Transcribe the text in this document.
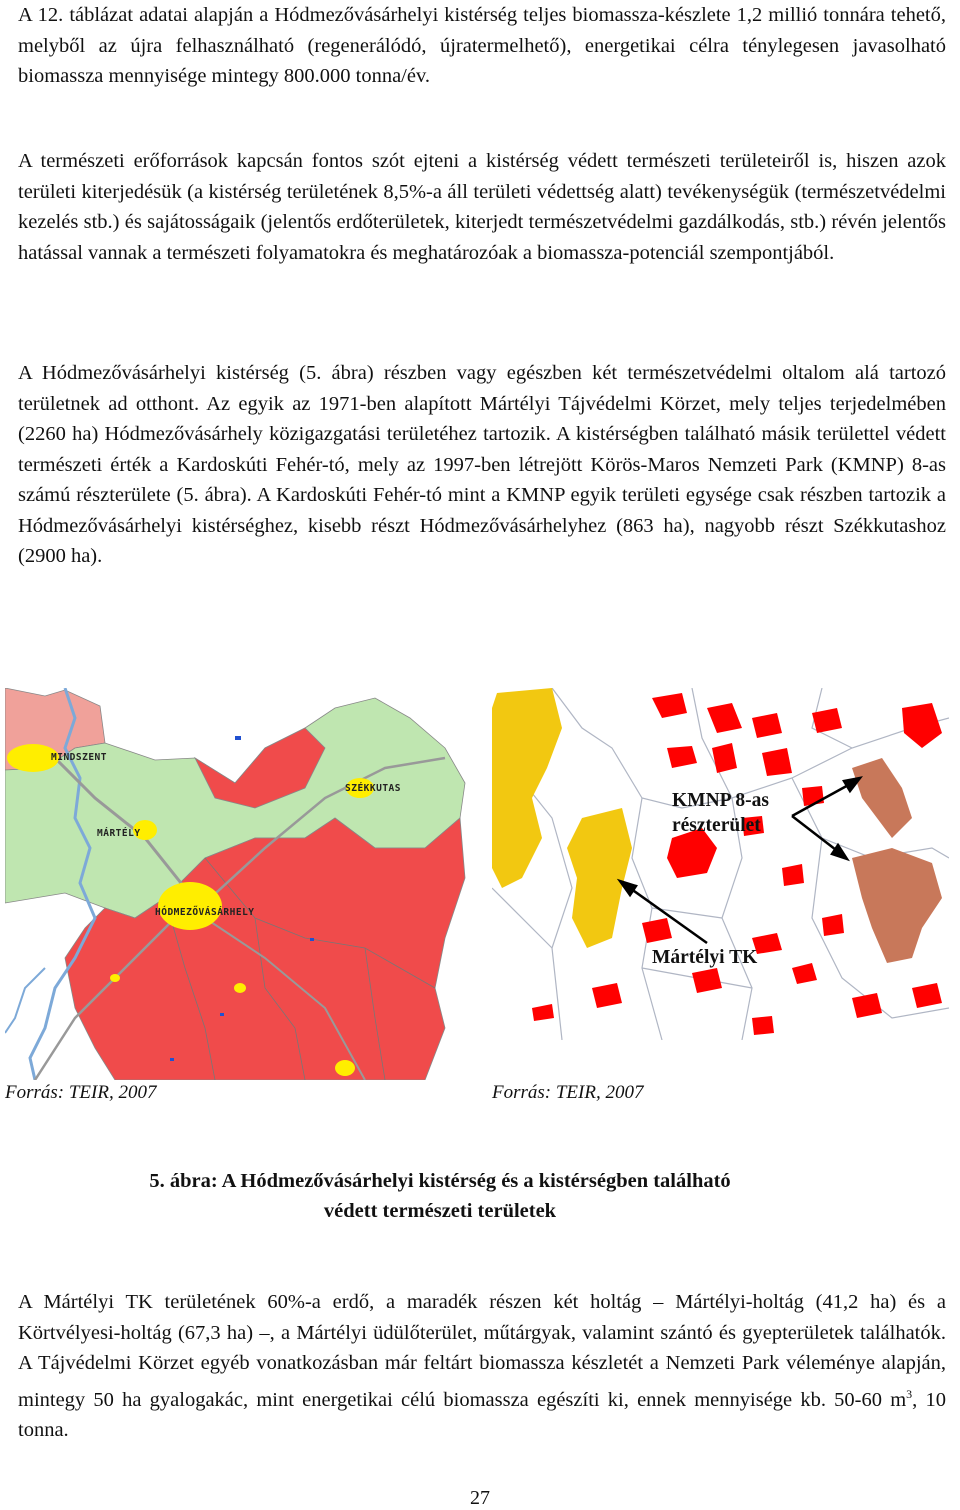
A 12. táblázat adatai alapján a Hódmezővásárhelyi kistérség teljes biomassza-készlete 1,2 millió tonnára tehető, melyből az újra felhasználható (regenerálódó, újratermelhető), energetikai célra ténylegesen javasolható biomassza mennyisége mintegy 800.000 tonna/év.

A természeti erőforrások kapcsán fontos szót ejteni a kistérség védett természeti területeiről is, hiszen azok területi kiterjedésük (a kistérség területének 8,5%-a áll területi védettség alatt) tevékenységük (természetvédelmi kezelés stb.) és sajátosságaik (jelentős erdőterületek, kiterjedt természetvédelmi gazdálkodás, stb.) révén jelentős hatással vannak a természeti folyamatokra és meghatározóak a biomassza-potenciál szempontjából.

A Hódmezővásárhelyi kistérség (5. ábra) részben vagy egészben két természetvédelmi oltalom alá tartozó területnek ad otthont. Az egyik az 1971-ben alapított Mártélyi Tájvédelmi Körzet, mely teljes terjedelmében (2260 ha) Hódmezővásárhely közigazgatási területéhez tartozik. A kistérségben található másik területtel védett természeti érték a Kardoskúti Fehér-tó, mely az 1997-ben létrejött Körös-Maros Nemzeti Park (KMNP) 8-as számú részterülete (5. ábra). A Kardoskúti Fehér-tó mint a KMNP egyik területi egysége csak részben tartozik a Hódmezővásárhelyi kistérséghez, kisebb részt Hódmezővásárhelyhez (863 ha), nagyobb részt Székkutashoz (2900 ha).

MINDSZENT
SZÉKKUTAS
MÁRTÉLY
HÓDMEZŐVÁSÁRHELY
KMNP 8-as
részterület
Mártélyi TK
Forrás: TEIR, 2007	Forrás: TEIR, 2007
5. ábra: A Hódmezővásárhelyi kistérség és a kistérségben található
védett természeti területek

A Mártélyi TK területének 60%-a erdő, a maradék részen két holtág – Mártélyi-holtág (41,2 ha) és a Körtvélyesi-holtág (67,3 ha) –, a Mártélyi üdülőterület, műtárgyak, valamint szántó és gyepterületek találhatók. A Tájvédelmi Körzet egyéb vonatkozásban már feltárt biomassza készletét a Nemzeti Park véleménye alapján, mintegy 50 ha gyalogakác, mint energetikai célú biomassza egészíti ki, ennek mennyisége kb. 50-60 $m^3$, 10 tonna.

27
